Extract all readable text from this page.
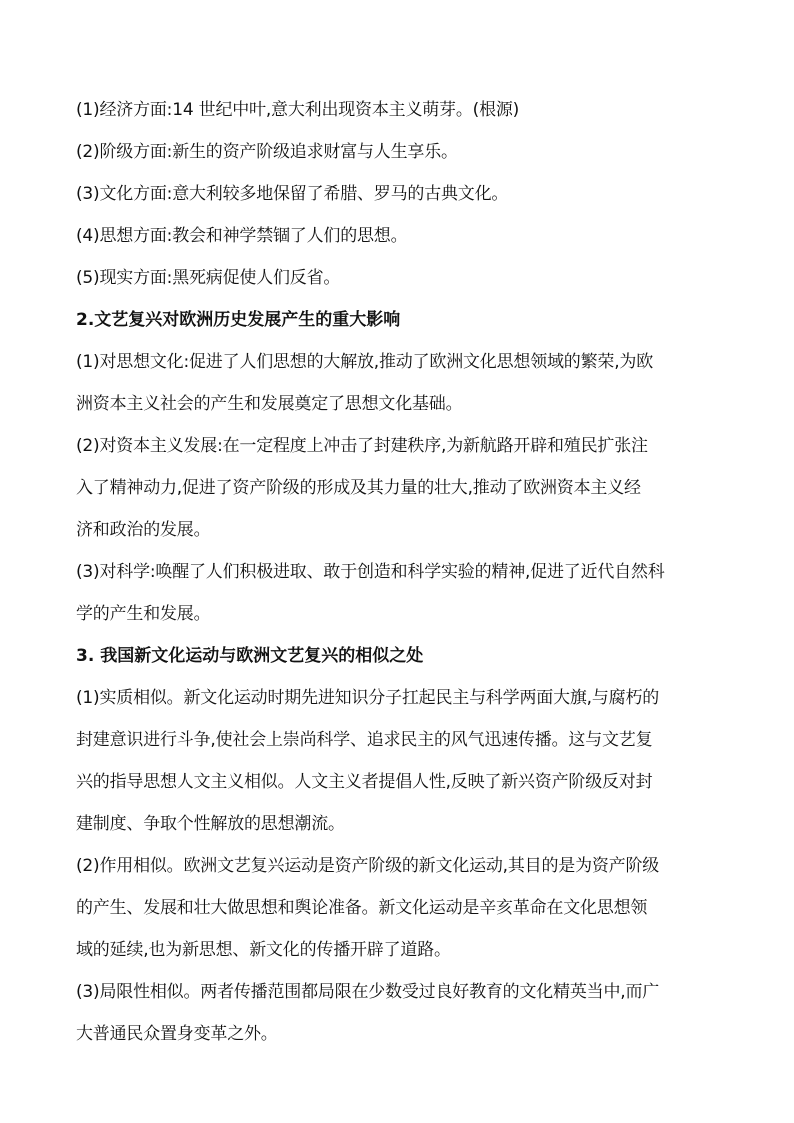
(1)经济方面:14 世纪中叶,意大利出现资本主义萌芽。(根源)
(2)阶级方面:新生的资产阶级追求财富与人生享乐。
(3)文化方面:意大利较多地保留了希腊、罗马的古典文化。
(4)思想方面:教会和神学禁锢了人们的思想。
(5)现实方面:黑死病促使人们反省。
2.文艺复兴对欧洲历史发展产生的重大影响
(1)对思想文化:促进了人们思想的大解放,推动了欧洲文化思想领域的繁荣,为欧
洲资本主义社会的产生和发展奠定了思想文化基础。
(2)对资本主义发展:在一定程度上冲击了封建秩序,为新航路开辟和殖民扩张注
入了精神动力,促进了资产阶级的形成及其力量的壮大,推动了欧洲资本主义经
济和政治的发展。
(3)对科学:唤醒了人们积极进取、敢于创造和科学实验的精神,促进了近代自然科
学的产生和发展。
3. 我国新文化运动与欧洲文艺复兴的相似之处
(1)实质相似。新文化运动时期先进知识分子扛起民主与科学两面大旗,与腐朽的
封建意识进行斗争,使社会上崇尚科学、追求民主的风气迅速传播。这与文艺复
兴的指导思想人文主义相似。人文主义者提倡人性,反映了新兴资产阶级反对封
建制度、争取个性解放的思想潮流。
(2)作用相似。欧洲文艺复兴运动是资产阶级的新文化运动,其目的是为资产阶级
的产生、发展和壮大做思想和舆论准备。新文化运动是辛亥革命在文化思想领
域的延续,也为新思想、新文化的传播开辟了道路。
(3)局限性相似。两者传播范围都局限在少数受过良好教育的文化精英当中,而广
大普通民众置身变革之外。
